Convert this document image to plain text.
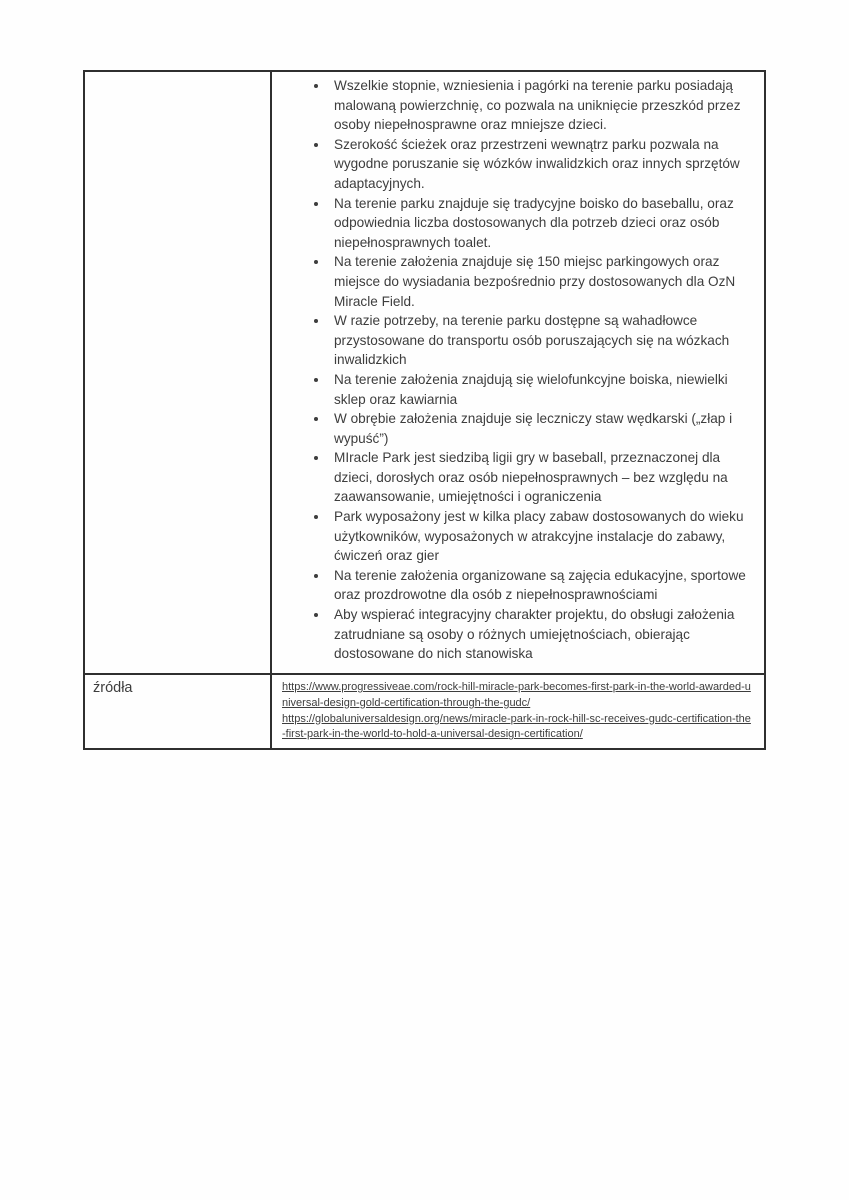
• Wszelkie stopnie, wzniesienia i pagórki na terenie parku posiadają malowaną powierzchnię, co pozwala na uniknięcie przeszkód przez osoby niepełnosprawne oraz mniejsze dzieci.
• Szerokość ścieżek oraz przestrzeni wewnątrz parku pozwala na wygodne poruszanie się wózków inwalidzkich oraz innych sprzętów adaptacyjnych.
• Na terenie parku znajduje się tradycyjne boisko do baseballu, oraz odpowiednia liczba dostosowanych dla potrzeb dzieci oraz osób niepełnosprawnych toalet.
• Na terenie założenia znajduje się 150 miejsc parkingowych oraz miejsce do wysiadania bezpośrednio przy dostosowanych dla OzN Miracle Field.
• W razie potrzeby, na terenie parku dostępne są wahadłowce przystosowane do transportu osób poruszających się na wózkach inwalidzkich
• Na terenie założenia znajdują się wielofunkcyjne boiska, niewielki sklep oraz kawiarnia
• W obrębie założenia znajduje się leczniczy staw wędkarski („złap i wypuść”)
• MIracle Park jest siedzibą ligii gry w baseball, przeznaczonej dla dzieci, dorosłych oraz osób niepełnosprawnych – bez względu na zaawansowanie, umiejętności i ograniczenia
• Park wyposażony jest w kilka placy zabaw dostosowanych do wieku użytkowników, wyposażonych w atrakcyjne instalacje do zabawy, ćwiczeń oraz gier
• Na terenie założenia organizowane są zajęcia edukacyjne, sportowe oraz prozdrowotne dla osób z niepełnosprawnościami
• Aby wspierać integracyjny charakter projektu, do obsługi założenia zatrudniane są osoby o różnych umiejętnościach, obierając dostosowane do nich stanowiska
źródła	https://www.progressiveae.com/rock-hill-miracle-park-becomes-first-park-in-the-world-awarded-universal-design-gold-certification-through-the-gudc/
https://globaluniversaldesign.org/news/miracle-park-in-rock-hill-sc-receives-gudc-certification-the-first-park-in-the-world-to-hold-a-universal-design-certification/
